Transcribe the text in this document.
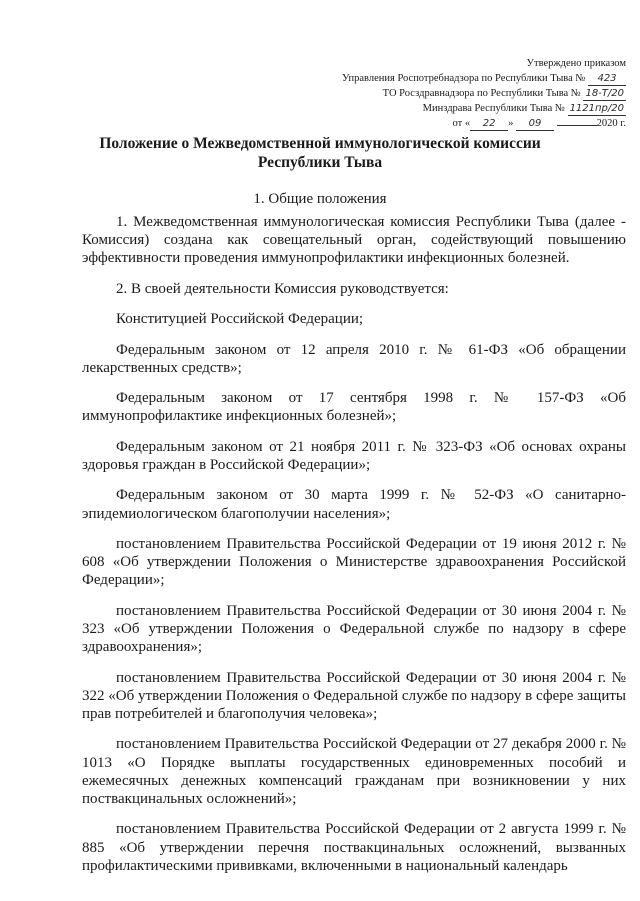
Утверждено приказом
Управления Роспотребнадзора по Республики Тыва № 423
ТО Росздравнадзора по Республики Тыва № 18-Т/20
Минздрава Республики Тыва № 1121пр/20
от « 22 » 09	2020 г.
Положение о Межведомственной иммунологической комиссии
Республики Тыва
1. Общие положения

1. Межведомственная иммунологическая комиссия Республики Тыва (далее - Комиссия) создана как совещательный орган, содействующий повышению эффективности проведения иммунопрофилактики инфекционных болезней.

2. В своей деятельности Комиссия руководствуется:

Конституцией Российской Федерации;

Федеральным законом от 12 апреля 2010 г. № 61-ФЗ «Об обращении лекарственных средств»;

Федеральным законом от 17 сентября 1998 г. № 157-ФЗ «Об иммунопрофилактике инфекционных болезней»;

Федеральным законом от 21 ноября 2011 г. № 323-ФЗ «Об основах охраны здоровья граждан в Российской Федерации»;

Федеральным законом от 30 марта 1999 г. № 52-ФЗ «О санитарно-эпидемиологическом благополучии населения»;

постановлением Правительства Российской Федерации от 19 июня 2012 г. № 608 «Об утверждении Положения о Министерстве здравоохранения Российской Федерации»;

постановлением Правительства Российской Федерации от 30 июня 2004 г. № 323 «Об утверждении Положения о Федеральной службе по надзору в сфере здравоохранения»;

постановлением Правительства Российской Федерации от 30 июня 2004 г. № 322 «Об утверждении Положения о Федеральной службе по надзору в сфере защиты прав потребителей и благополучия человека»;

постановлением Правительства Российской Федерации от 27 декабря 2000 г. № 1013 «О Порядке выплаты государственных единовременных пособий и ежемесячных денежных компенсаций гражданам при возникновении у них поствакцинальных осложнений»;

постановлением Правительства Российской Федерации от 2 августа 1999 г. № 885 «Об утверждении перечня поствакцинальных осложнений, вызванных профилактическими прививками, включенными в национальный календарь
